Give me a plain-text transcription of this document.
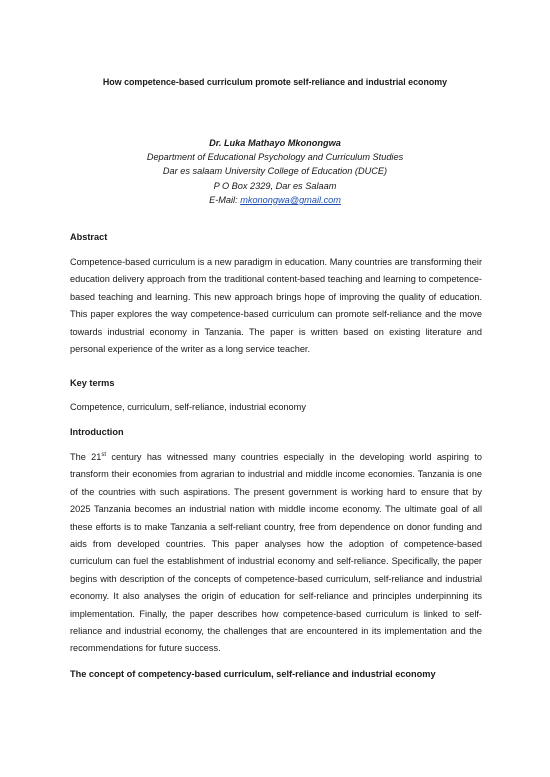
How competence-based curriculum promote self-reliance and industrial economy
Dr. Luka Mathayo Mkonongwa
Department of Educational Psychology and Curriculum Studies
Dar es salaam University College of Education (DUCE)
P O Box 2329, Dar es Salaam
E-Mail: mkonongwa@gmail.com
Abstract
Competence-based curriculum is a new paradigm in education. Many countries are transforming their education delivery approach from the traditional content-based teaching and learning to competence-based teaching and learning. This new approach brings hope of improving the quality of education. This paper explores the way competence-based curriculum can promote self-reliance and the move towards industrial economy in Tanzania. The paper is written based on existing literature and personal experience of the writer as a long service teacher.
Key terms
Competence, curriculum, self-reliance, industrial economy
Introduction
The 21st century has witnessed many countries especially in the developing world aspiring to transform their economies from agrarian to industrial and middle income economies. Tanzania is one of the countries with such aspirations. The present government is working hard to ensure that by 2025 Tanzania becomes an industrial nation with middle income economy. The ultimate goal of all these efforts is to make Tanzania a self-reliant country, free from dependence on donor funding and aids from developed countries. This paper analyses how the adoption of competence-based curriculum can fuel the establishment of industrial economy and self-reliance. Specifically, the paper begins with description of the concepts of competence-based curriculum, self-reliance and industrial economy. It also analyses the origin of education for self-reliance and principles underpinning its implementation. Finally, the paper describes how competence-based curriculum is linked to self-reliance and industrial economy, the challenges that are encountered in its implementation and the recommendations for future success.
The concept of competency-based curriculum, self-reliance and industrial economy
